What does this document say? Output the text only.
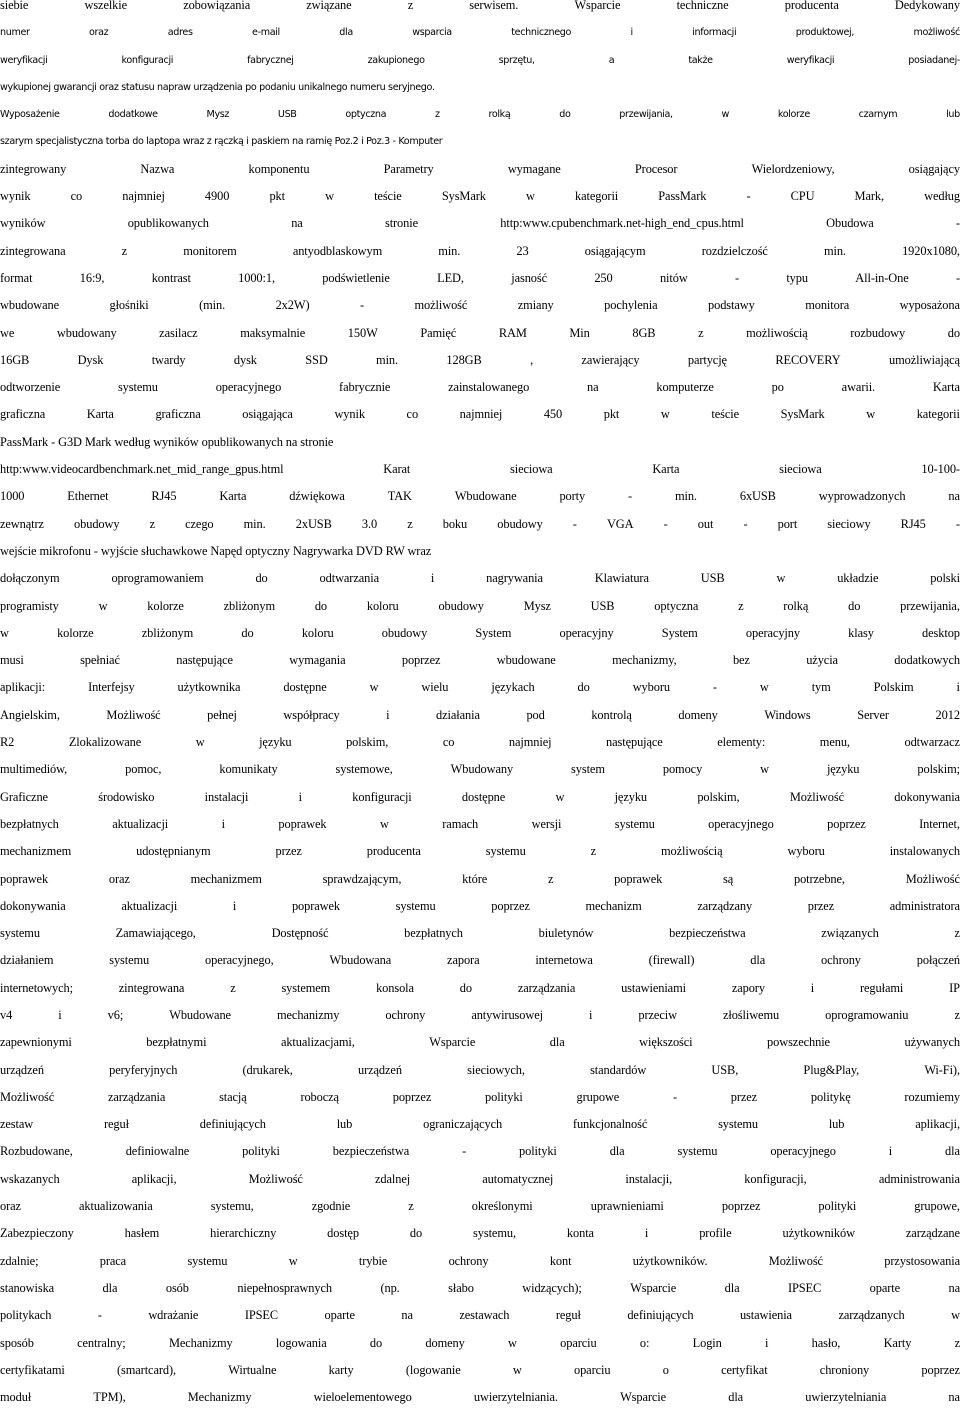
siebie	wszelkie	zobowiązania	związane	z	serwisem.	Wsparcie	techniczne	producenta	Dedykowany
numer	oraz	adres	e-mail	dla	wsparcia	technicznego	i	informacji	produktowej,	możliwość
weryfikacji	konfiguracji	fabrycznej	zakupionego	sprzętu,	a	także	weryfikacji	posiadanej-
wykupionej gwarancji oraz statusu napraw urządzenia po podaniu unikalnego numeru seryjnego.
Wyposażenie	dodatkowe	Mysz	USB	optyczna	z	rolką	do	przewijania,	w	kolorze	czarnym	lub
szarym specjalistyczna torba do laptopa wraz z rączką i paskiem na ramię Poz.2 i Poz.3 - Komputer
zintegrowany	Nazwa	komponentu	Parametry	wymagane	Procesor	Wielordzeniowy,	osiągający
wynik	co	najmniej	4900	pkt	w	teście	SysMark	w	kategorii	PassMark	-	CPU	Mark,	według
wyników	opublikowanych	na	stronie	http:www.cpubenchmark.net-high_end_cpus.html	Obudowa	-
zintegrowana	z	monitorem	antyodblaskowym	min.	23	osiągającym	rozdzielczość	min.	1920x1080,
format	16:9,	kontrast	1000:1,	podświetlenie	LED,	jasność	250	nitów	-	typu	All-in-One	-
wbudowane	głośniki	(min.	2x2W)	-	możliwość	zmiany	pochylenia	podstawy	monitora	wyposażona
we	wbudowany	zasilacz	maksymalnie	150W	Pamięć	RAM	Min	8GB	z	możliwością	rozbudowy	do
16GB	Dysk	twardy	dysk	SSD	min.	128GB	,	zawierający	partycję	RECOVERY	umożliwiającą
odtworzenie	systemu	operacyjnego	fabrycznie	zainstalowanego	na	komputerze	po	awarii.	Karta
graficzna	Karta	graficzna	osiągająca	wynik	co	najmniej	450	pkt	w	teście	SysMark	w	kategorii
PassMark - G3D Mark według wyników opublikowanych na stronie
http:www.videocardbenchmark.net_mid_range_gpus.html	Karat	sieciowa	Karta	sieciowa	10-100-
1000	Ethernet	RJ45	Karta	dźwiękowa	TAK	Wbudowane	porty	-	min.	6xUSB	wyprowadzonych	na
zewnątrz obudowy z czego min. 2xUSB 3.0 z boku obudowy - VGA - out - port sieciowy RJ45 -
wejście mikrofonu - wyjście słuchawkowe Napęd optyczny Nagrywarka DVD RW wraz
dołączonym	oprogramowaniem	do	odtwarzania	i	nagrywania	Klawiatura	USB	w	układzie	polski
programisty	w	kolorze	zbliżonym	do	koloru	obudowy	Mysz	USB	optyczna	z	rolką	do	przewijania,
w	kolorze	zbliżonym	do	koloru	obudowy	System	operacyjny	System	operacyjny	klasy	desktop
musi	spełniać	następujące	wymagania	poprzez	wbudowane	mechanizmy,	bez	użycia	dodatkowych
aplikacji:	Interfejsy	użytkownika	dostępne	w	wielu	językach	do	wyboru	-	w	tym	Polskim	i
Angielskim,	Możliwość	pełnej	współpracy	i	działania	pod	kontrolą	domeny	Windows	Server	2012
R2	Zlokalizowane	w	języku	polskim,	co	najmniej	następujące	elementy:	menu,	odtwarzacz
multimediów,	pomoc,	komunikaty	systemowe,	Wbudowany	system	pomocy	w	języku	polskim;
Graficzne	środowisko	instalacji	i	konfiguracji	dostępne	w	języku	polskim,	Możliwość	dokonywania
bezpłatnych	aktualizacji	i	poprawek	w	ramach	wersji	systemu	operacyjnego	poprzez	Internet,
mechanizmem	udostępnianym	przez	producenta	systemu	z	możliwością	wyboru	instalowanych
poprawek	oraz	mechanizmem	sprawdzającym,	które	z	poprawek	są	potrzebne,	Możliwość
dokonywania	aktualizacji	i	poprawek	systemu	poprzez	mechanizm	zarządzany	przez	administratora
systemu	Zamawiającego,	Dostępność	bezpłatnych	biuletynów	bezpieczeństwa	związanych	z
działaniem	systemu	operacyjnego,	Wbudowana	zapora	internetowa	(firewall)	dla	ochrony	połączeń
internetowych;	zintegrowana	z	systemem	konsola	do	zarządzania	ustawieniami	zapory	i	regułami	IP
v4	i	v6;	Wbudowane	mechanizmy	ochrony	antywirusowej	i	przeciw	złośliwemu	oprogramowaniu	z
zapewnionymi	bezpłatnymi	aktualizacjami,	Wsparcie	dla	większości	powszechnie	używanych
urządzeń	peryferyjnych	(drukarek,	urządzeń	sieciowych,	standardów	USB,	Plug&Play,	Wi-Fi),
Możliwość	zarządzania	stacją	roboczą	poprzez	polityki	grupowe	-	przez	politykę	rozumiemy
zestaw	reguł	definiujących	lub	ograniczających	funkcjonalność	systemu	lub	aplikacji,
Rozbudowane,	definiowalne	polityki	bezpieczeństwa	-	polityki	dla	systemu	operacyjnego	i	dla
wskazanych	aplikacji,	Możliwość	zdalnej	automatycznej	instalacji,	konfiguracji,	administrowania
oraz	aktualizowania	systemu,	zgodnie	z	określonymi	uprawnieniami	poprzez	polityki	grupowe,
Zabezpieczony	hasłem	hierarchiczny	dostęp	do	systemu,	konta	i	profile	użytkowników	zarządzane
zdalnie;	praca	systemu	w	trybie	ochrony	kont	użytkowników.	Możliwość	przystosowania
stanowiska	dla	osób	niepełnosprawnych	(np.	słabo	widzących);	Wsparcie	dla	IPSEC	oparte	na
politykach	-	wdrażanie	IPSEC	oparte	na	zestawach	reguł	definiujących	ustawienia	zarządzanych	w
sposób	centralny;	Mechanizmy	logowania	do	domeny	w	oparciu	o:	Login	i	hasło,	Karty	z
certyfikatami	(smartcard),	Wirtualne	karty	(logowanie	w	oparciu	o	certyfikat	chroniony	poprzez
moduł	TPM),	Mechanizmy	wieloelementowego	uwierzytelniania.	Wsparcie	dla	uwierzytelniania	na
